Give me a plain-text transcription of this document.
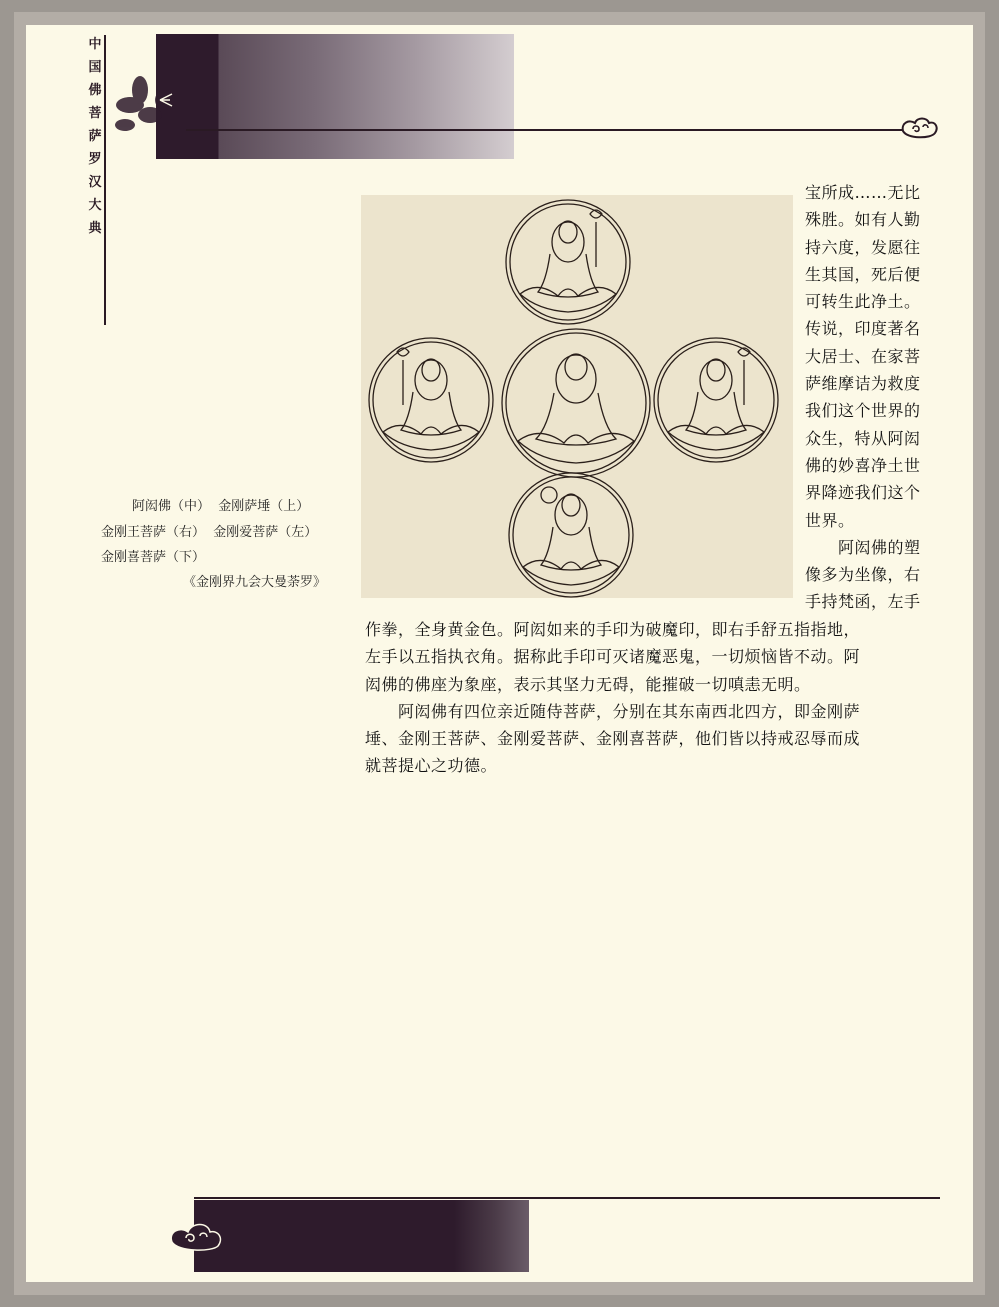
中
国
佛
菩
萨
罗
汉
大
典
阿闳佛（中）  金刚萨埵（上）
金刚王菩萨（右）  金刚爱菩萨（左）
金刚喜菩萨（下）
《金刚界九会大曼荼罗》
宝所成……无比
殊胜。如有人勤
持六度，发愿往
生其国，死后便
可转生此净土。
传说，印度著名
大居士、在家菩
萨维摩诘为救度
我们这个世界的
众生，特从阿闳
佛的妙喜净土世
界降迹我们这个
世界。
　　阿闳佛的塑
像多为坐像，右
手持梵函，左手
作拳，全身黄金色。阿闳如来的手印为破魔印，即右手舒五指指地，
左手以五指执衣角。据称此手印可灭诸魔恶鬼，一切烦恼皆不动。阿
闳佛的佛座为象座，表示其坚力无碍，能摧破一切嗔恚无明。
　　阿闳佛有四位亲近随侍菩萨，分别在其东南西北四方，即金刚萨
埵、金刚王菩萨、金刚爱菩萨、金刚喜菩萨，他们皆以持戒忍辱而成
就菩提心之功德。
